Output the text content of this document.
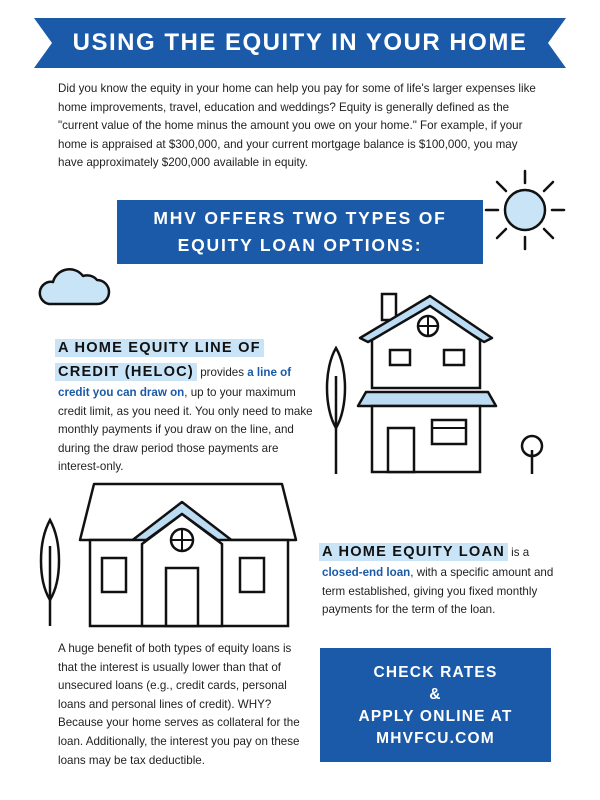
USING THE EQUITY IN YOUR HOME
Did you know the equity in your home can help you pay for some of life's larger expenses like home improvements, travel, education and weddings? Equity is generally defined as the "current value of the home minus the amount you owe on your home." For example, if your home is appraised at $300,000, and your current mortgage balance is $100,000, you may have approximately $200,000 available in equity.
MHV OFFERS TWO TYPES OF
EQUITY LOAN OPTIONS:
A HOME EQUITY LINE OF
CREDIT (HELOC) provides a line of credit you can draw on, up to your maximum credit limit, as you need it. You only need to make monthly payments if you draw on the line, and during the draw period those payments are interest-only.
A HOME EQUITY LOAN is a closed-end loan, with a specific amount and term established, giving you fixed monthly payments for the term of the loan.
A huge benefit of both types of equity loans is that the interest is usually lower than that of unsecured loans (e.g., credit cards, personal loans and personal lines of credit). WHY? Because your home serves as collateral for the loan. Additionally, the interest you pay on these loans may be tax deductible.
CHECK RATES
&
APPLY ONLINE AT
MHVFCU.COM
